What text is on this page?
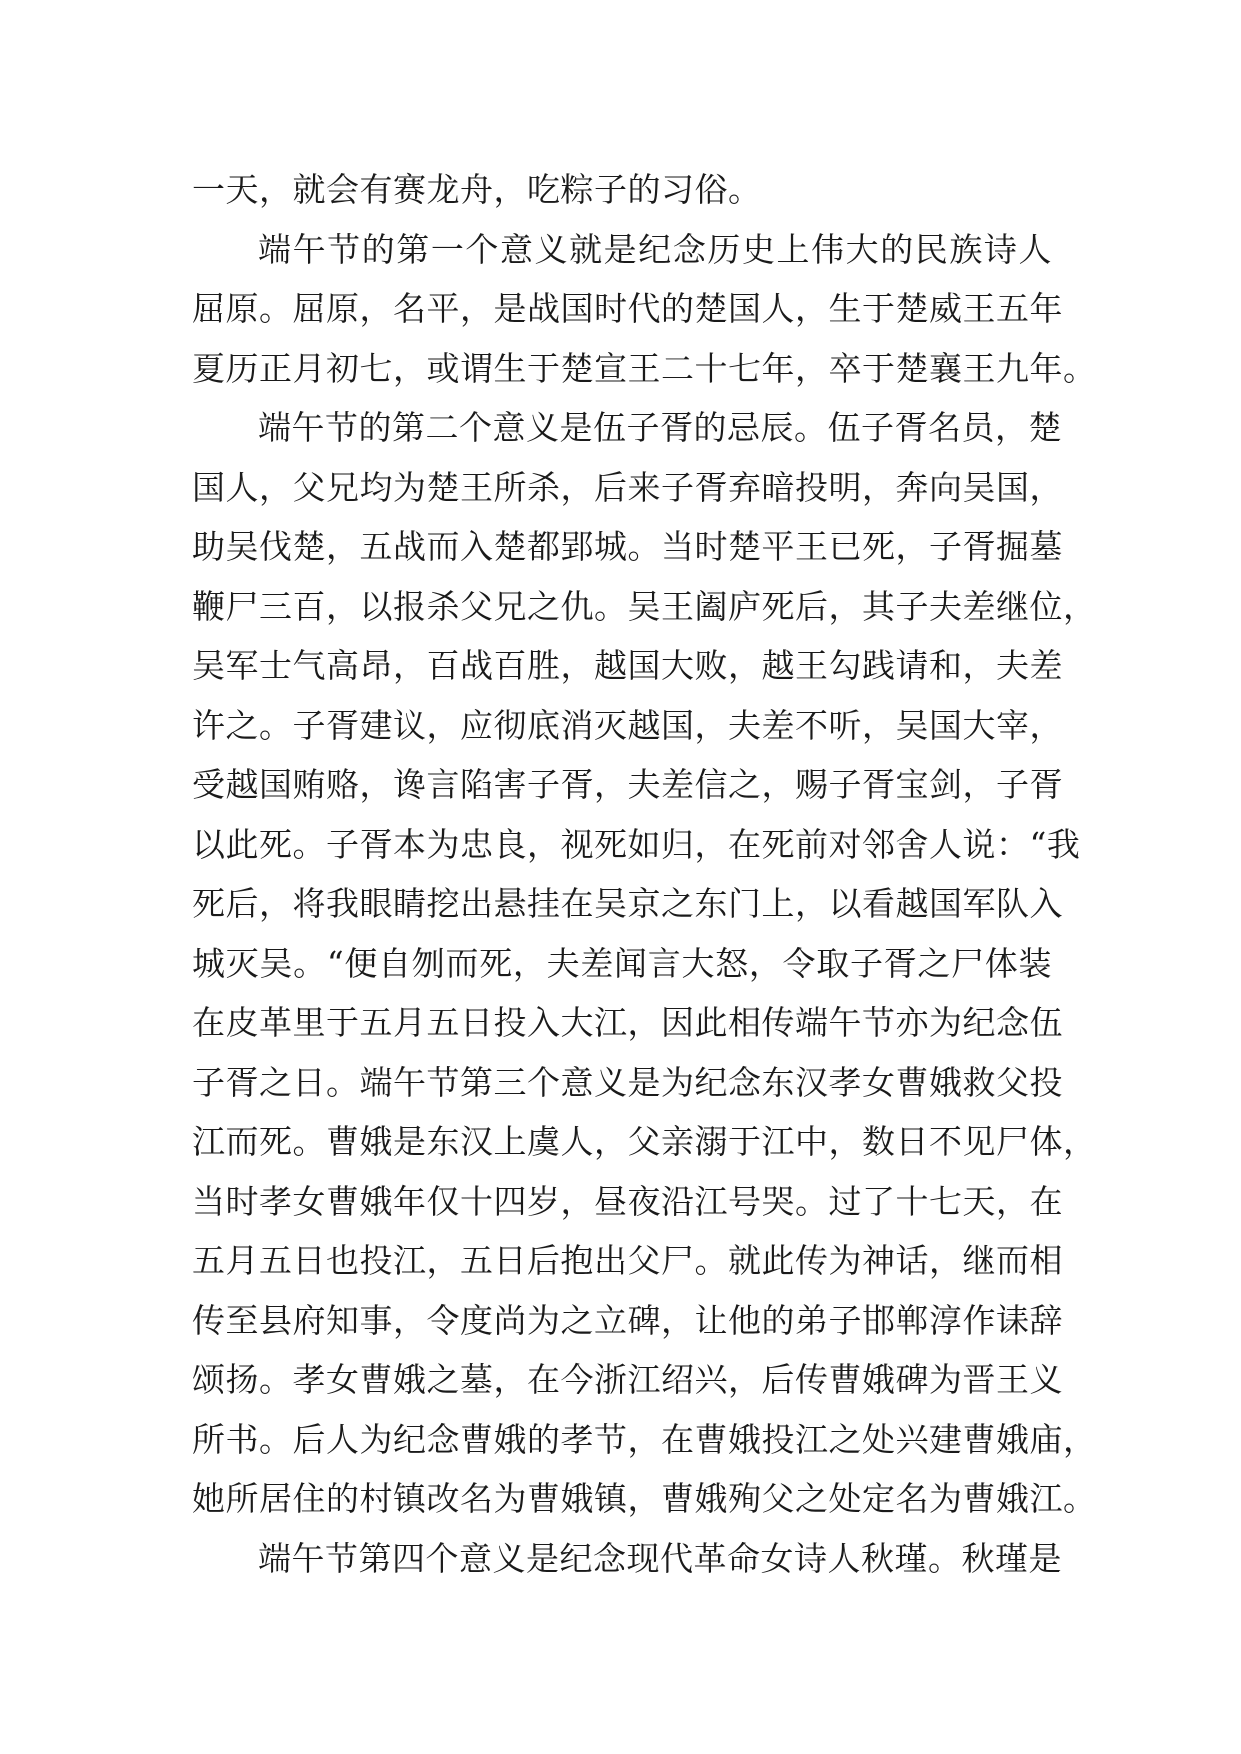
一天，就会有赛龙舟，吃粽子的习俗。
端午节的第一个意义就是纪念历史上伟大的民族诗人
屈原。屈原，名平，是战国时代的楚国人，生于楚威王五年
夏历正月初七，或谓生于楚宣王二十七年，卒于楚襄王九年。
端午节的第二个意义是伍子胥的忌辰。伍子胥名员，楚
国人，父兄均为楚王所杀，后来子胥弃暗投明，奔向吴国，
助吴伐楚，五战而入楚都郢城。当时楚平王已死，子胥掘墓
鞭尸三百，以报杀父兄之仇。吴王阖庐死后，其子夫差继位，
吴军士气高昂，百战百胜，越国大败，越王勾践请和，夫差
许之。子胥建议，应彻底消灭越国，夫差不听，吴国大宰，
受越国贿赂，谗言陷害子胥，夫差信之，赐子胥宝剑，子胥
以此死。子胥本为忠良，视死如归，在死前对邻舍人说：“我
死后，将我眼睛挖出悬挂在吴京之东门上，以看越国军队入
城灭吴。“便自刎而死，夫差闻言大怒，令取子胥之尸体装
在皮革里于五月五日投入大江，因此相传端午节亦为纪念伍
子胥之日。端午节第三个意义是为纪念东汉孝女曹娥救父投
江而死。曹娥是东汉上虞人，父亲溺于江中，数日不见尸体，
当时孝女曹娥年仅十四岁，昼夜沿江号哭。过了十七天，在
五月五日也投江，五日后抱出父尸。就此传为神话，继而相
传至县府知事，令度尚为之立碑，让他的弟子邯郸淳作诔辞
颂扬。孝女曹娥之墓，在今浙江绍兴，后传曹娥碑为晋王义
所书。后人为纪念曹娥的孝节，在曹娥投江之处兴建曹娥庙，
她所居住的村镇改名为曹娥镇，曹娥殉父之处定名为曹娥江。
端午节第四个意义是纪念现代革命女诗人秋瑾。秋瑾是
